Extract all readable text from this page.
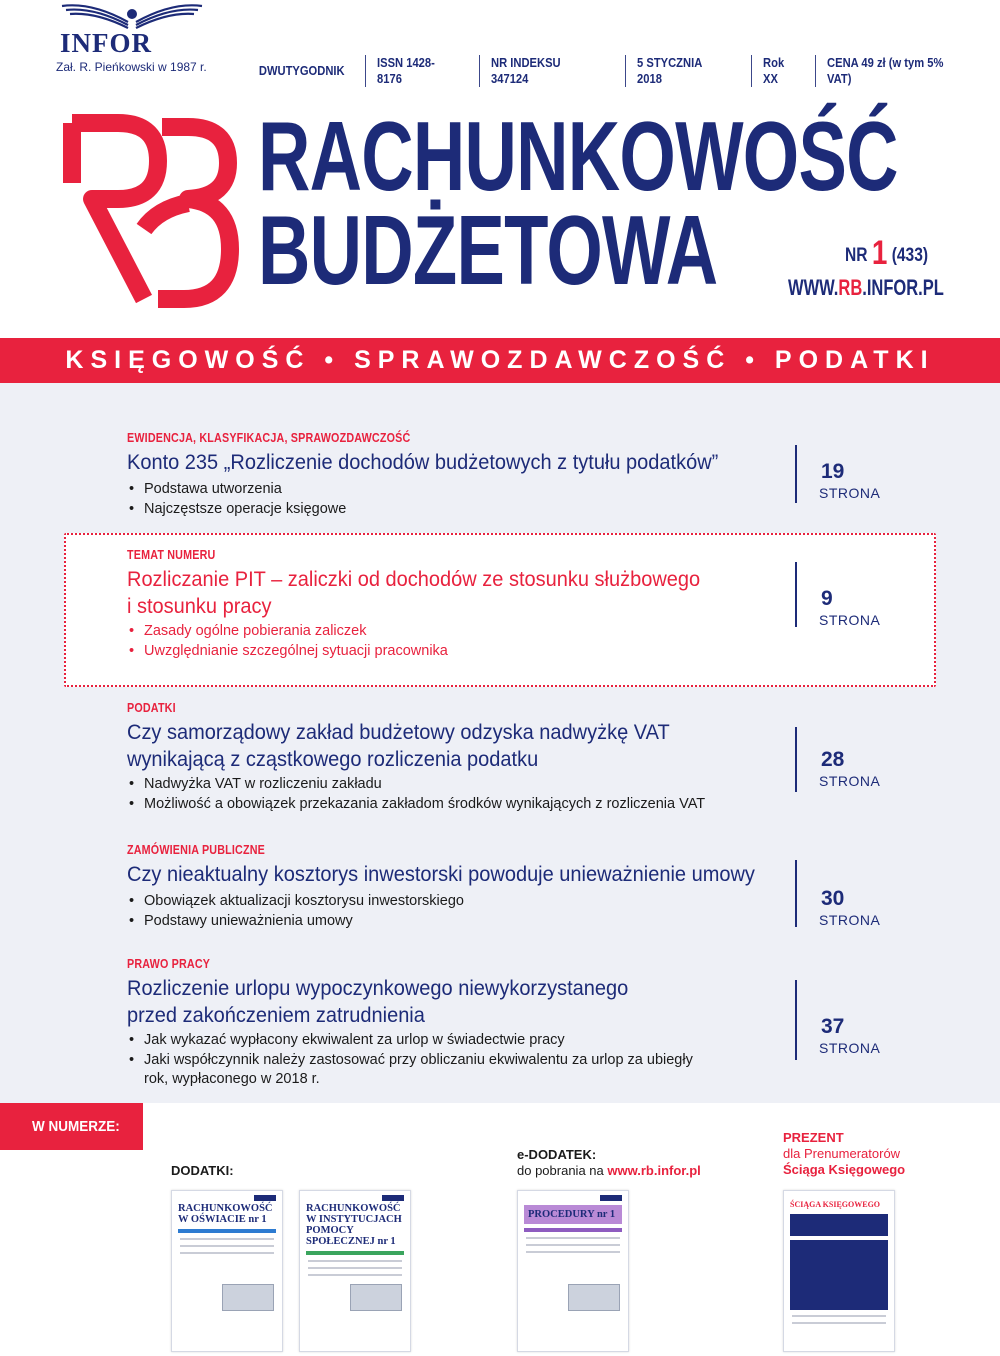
INFOR
Zał. R. Pieńkowski w 1987 r.	DWUTYGODNIK
ISSN 1428-8176
NR INDEKSU 347124
5 STYCZNIA 2018
Rok XX
CENA 49 zł (w tym 5% VAT)
RACHUNKOWOŚĆ
BUDŻETOWA	NR 1 (433)
WWW.RB.INFOR.PL
KSIĘGOWOŚĆ • SPRAWOZDAWCZOŚĆ • PODATKI
EWIDENCJA, KLASYFIKACJA, SPRAWOZDAWCZOŚĆ
Konto 235 „Rozliczenie dochodów budżetowych z tytułu podatków”
• Podstawa utworzenia
• Najczęstsze operacje księgowe
19
STRONA
TEMAT NUMERU
Rozliczanie PIT – zaliczki od dochodów ze stosunku służbowego
i stosunku pracy
• Zasady ogólne pobierania zaliczek
• Uwzględnianie szczególnej sytuacji pracownika
9
STRONA
PODATKI
Czy samorządowy zakład budżetowy odzyska nadwyżkę VAT
wynikającą z cząstkowego rozliczenia podatku
• Nadwyżka VAT w rozliczeniu zakładu
• Możliwość a obowiązek przekazania zakładom środków wynikających z rozliczenia VAT
28
STRONA
ZAMÓWIENIA PUBLICZNE
Czy nieaktualny kosztorys inwestorski powoduje unieważnienie umowy
• Obowiązek aktualizacji kosztorysu inwestorskiego
• Podstawy unieważnienia umowy
30
STRONA
PRAWO PRACY
Rozliczenie urlopu wypoczynkowego niewykorzystanego
przed zakończeniem zatrudnienia
• Jak wykazać wypłacony ekwiwalent za urlop w świadectwie pracy
• Jaki współczynnik należy zastosować przy obliczaniu ekwiwalentu za urlop za ubiegły
rok, wypłaconego w 2018 r.
37
STRONA
W NUMERZE:
DODATKI:
e-DODATEK:
do pobrania na www.rb.infor.pl
PREZENT
dla Prenumeratorów
Ściąga Księgowego
RACHUNKOWOŚĆ W OŚWIACIE nr 1
RACHUNKOWOŚĆ W INSTYTUCJACH POMOCY SPOŁECZNEJ nr 1
PROCEDURY nr 1
ŚCIĄGA KSIĘGOWEGO
